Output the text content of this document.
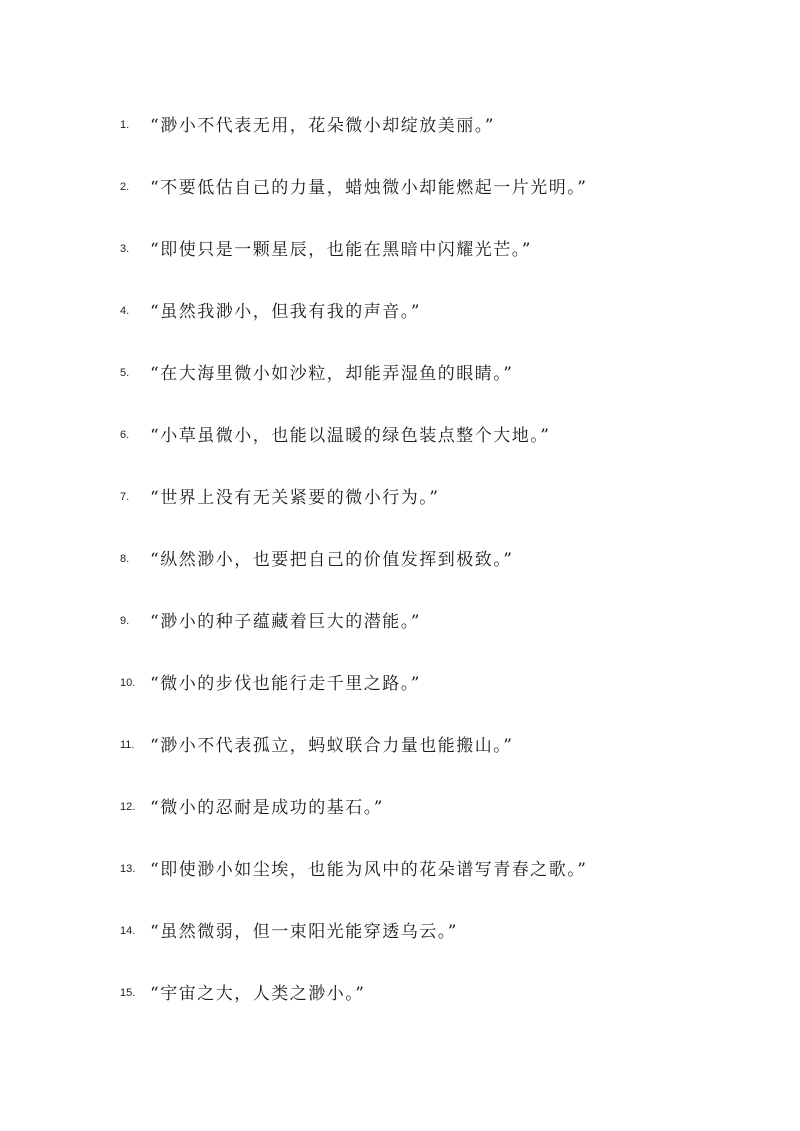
1.	“渺小不代表无用，花朵微小却绽放美丽。”
2.	“不要低估自己的力量，蜡烛微小却能燃起一片光明。”
3.	“即使只是一颗星辰，也能在黑暗中闪耀光芒。”
4.	“虽然我渺小，但我有我的声音。”
5.	“在大海里微小如沙粒，却能弄湿鱼的眼睛。”
6.	“小草虽微小，也能以温暖的绿色装点整个大地。”
7.	“世界上没有无关紧要的微小行为。”
8.	“纵然渺小，也要把自己的价值发挥到极致。”
9.	“渺小的种子蕴藏着巨大的潜能。”
10. “微小的步伐也能行走千里之路。”
11. “渺小不代表孤立，蚂蚁联合力量也能搬山。”
12. “微小的忍耐是成功的基石。”
13. “即使渺小如尘埃，也能为风中的花朵谱写青春之歌。”
14. “虽然微弱，但一束阳光能穿透乌云。”
15. “宇宙之大，人类之渺小。”
